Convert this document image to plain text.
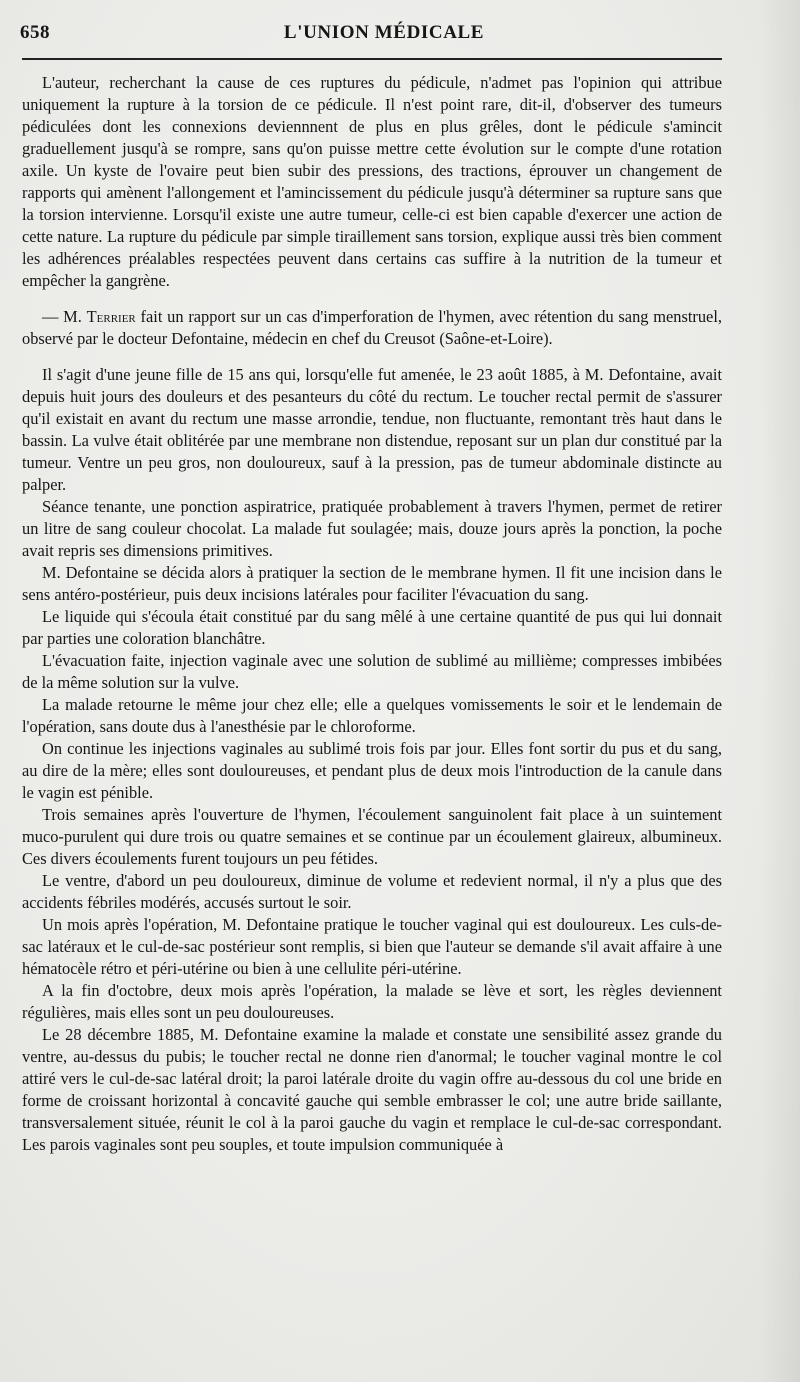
658	L'UNION MÉDICALE

L'auteur, recherchant la cause de ces ruptures du pédicule, n'admet pas l'opinion qui attribue uniquement la rupture à la torsion de ce pédicule. Il n'est point rare, dit-il, d'observer des tumeurs pédiculées dont les connexions deviennnent de plus en plus grêles, dont le pédicule s'amincit graduellement jusqu'à se rompre, sans qu'on puisse mettre cette évolution sur le compte d'une rotation axile. Un kyste de l'ovaire peut bien subir des pressions, des tractions, éprouver un changement de rapports qui amènent l'allongement et l'amincissement du pédicule jusqu'à déterminer sa rupture sans que la torsion intervienne. Lorsqu'il existe une autre tumeur, celle-ci est bien capable d'exercer une action de cette nature. La rupture du pédicule par simple tiraillement sans torsion, explique aussi très bien comment les adhérences préalables respectées peuvent dans certains cas suffire à la nutrition de la tumeur et empêcher la gangrène.

— M. Terrier fait un rapport sur un cas d'imperforation de l'hymen, avec rétention du sang menstruel, observé par le docteur Defontaine, médecin en chef du Creusot (Saône-et-Loire).

Il s'agit d'une jeune fille de 15 ans qui, lorsqu'elle fut amenée, le 23 août 1885, à M. Defontaine, avait depuis huit jours des douleurs et des pesanteurs du côté du rectum. Le toucher rectal permit de s'assurer qu'il existait en avant du rectum une masse arrondie, tendue, non fluctuante, remontant très haut dans le bassin. La vulve était oblitérée par une membrane non distendue, reposant sur un plan dur constitué par la tumeur. Ventre un peu gros, non douloureux, sauf à la pression, pas de tumeur abdominale distincte au palper.

Séance tenante, une ponction aspiratrice, pratiquée probablement à travers l'hymen, permet de retirer un litre de sang couleur chocolat. La malade fut soulagée; mais, douze jours après la ponction, la poche avait repris ses dimensions primitives.

M. Defontaine se décida alors à pratiquer la section de le membrane hymen. Il fit une incision dans le sens antéro-postérieur, puis deux incisions latérales pour faciliter l'évacuation du sang.

Le liquide qui s'écoula était constitué par du sang mêlé à une certaine quantité de pus qui lui donnait par parties une coloration blanchâtre.

L'évacuation faite, injection vaginale avec une solution de sublimé au millième; compresses imbibées de la même solution sur la vulve.

La malade retourne le même jour chez elle; elle a quelques vomissements le soir et le lendemain de l'opération, sans doute dus à l'anesthésie par le chloroforme.

On continue les injections vaginales au sublimé trois fois par jour. Elles font sortir du pus et du sang, au dire de la mère; elles sont douloureuses, et pendant plus de deux mois l'introduction de la canule dans le vagin est pénible.

Trois semaines après l'ouverture de l'hymen, l'écoulement sanguinolent fait place à un suintement muco-purulent qui dure trois ou quatre semaines et se continue par un écoulement glaireux, albumineux. Ces divers écoulements furent toujours un peu fétides.

Le ventre, d'abord un peu douloureux, diminue de volume et redevient normal, il n'y a plus que des accidents fébriles modérés, accusés surtout le soir.

Un mois après l'opération, M. Defontaine pratique le toucher vaginal qui est douloureux. Les culs-de-sac latéraux et le cul-de-sac postérieur sont remplis, si bien que l'auteur se demande s'il avait affaire à une hématocèle rétro et péri-utérine ou bien à une cellulite péri-utérine.

A la fin d'octobre, deux mois après l'opération, la malade se lève et sort, les règles deviennent régulières, mais elles sont un peu douloureuses.

Le 28 décembre 1885, M. Defontaine examine la malade et constate une sensibilité assez grande du ventre, au-dessus du pubis; le toucher rectal ne donne rien d'anormal; le toucher vaginal montre le col attiré vers le cul-de-sac latéral droit; la paroi latérale droite du vagin offre au-dessous du col une bride en forme de croissant horizontal à concavité gauche qui semble embrasser le col; une autre bride saillante, transversalement située, réunit le col à la paroi gauche du vagin et remplace le cul-de-sac correspondant. Les parois vaginales sont peu souples, et toute impulsion communiquée à
